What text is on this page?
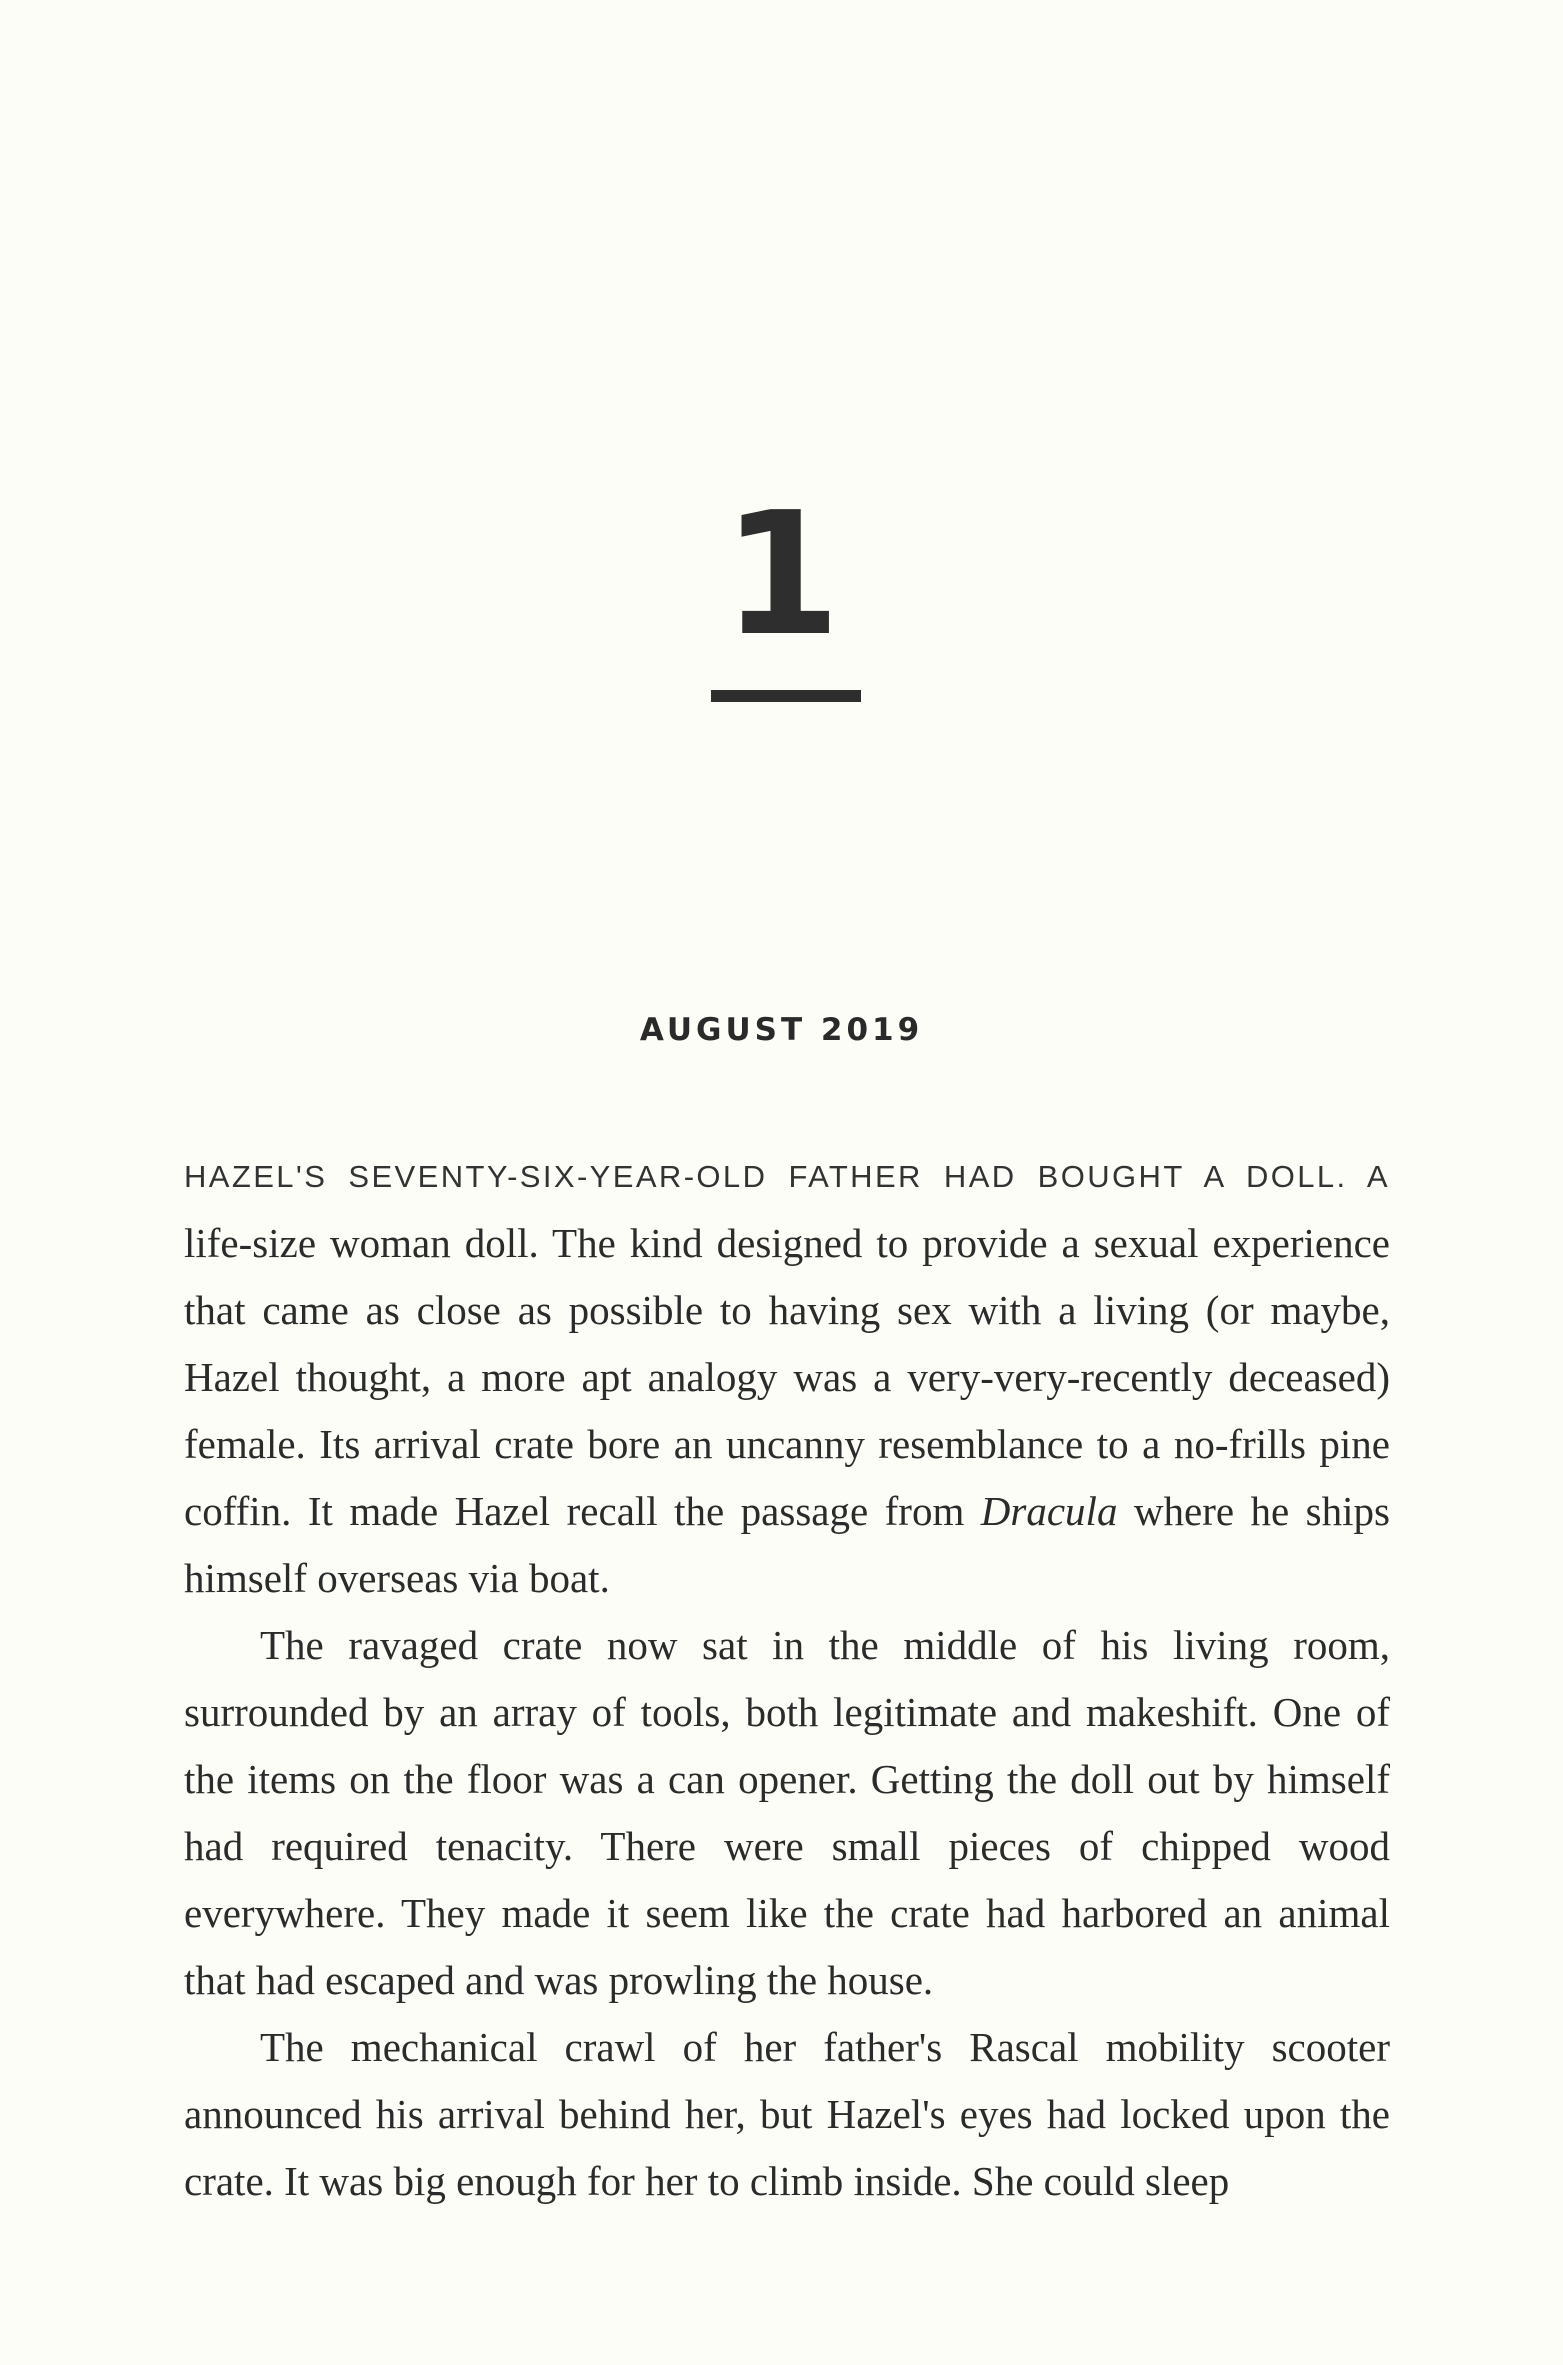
1
AUGUST 2019

HAZEL'S SEVENTY-SIX-YEAR-OLD FATHER HAD BOUGHT A DOLL. A life-size woman doll. The kind designed to provide a sexual experience that came as close as possible to having sex with a living (or maybe, Hazel thought, a more apt analogy was a very-very-recently deceased) female. Its arrival crate bore an uncanny resemblance to a no-frills pine coffin. It made Hazel recall the passage from Dracula where he ships himself overseas via boat.

The ravaged crate now sat in the middle of his living room, surrounded by an array of tools, both legitimate and makeshift. One of the items on the floor was a can opener. Getting the doll out by himself had required tenacity. There were small pieces of chipped wood everywhere. They made it seem like the crate had harbored an animal that had escaped and was prowling the house.

The mechanical crawl of her father's Rascal mobility scooter announced his arrival behind her, but Hazel's eyes had locked upon the crate. It was big enough for her to climb inside. She could sleep
